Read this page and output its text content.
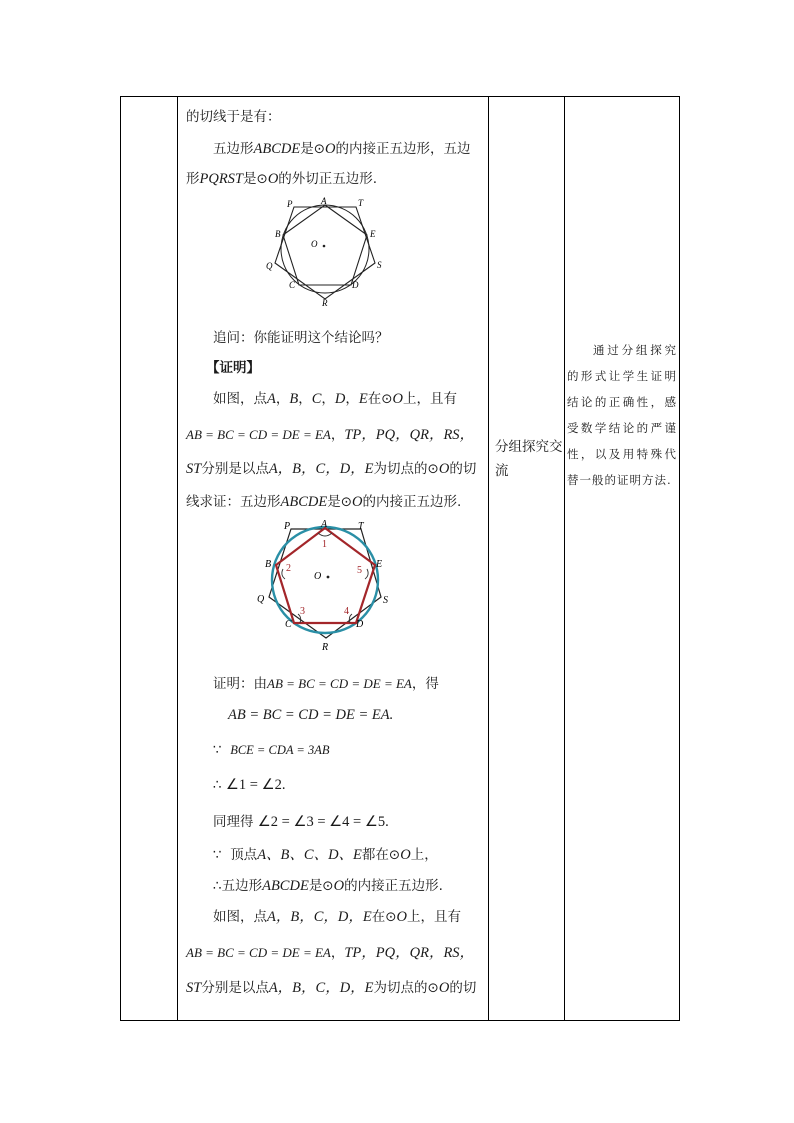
的切线于是有：
五边形ABCDE是⊙O的内接正五边形，五边
形PQRST是⊙O的外切正五边形.
P	A	T
B	E
O
Q	S
C	D
R
追问：你能证明这个结论吗？
【证明】
如图，点A，B，C，D，E在⊙O上，且有
AB = BC = CD = DE = EA，TP，PQ，QR，RS，
ST分别是以点A，B，C，D，E为切点的⊙O的切
线求证：五边形ABCDE是⊙O的内接正五边形.
P	A	T
B	E
O
Q	S
C	D
R
1
2
3	4
5
证明：由AB = BC = CD = DE = EA，得
AB = BC = CD = DE = EA.
∵ BCE = CDA = 3AB
∴ ∠1 = ∠2.
同理得 ∠2 = ∠3 = ∠4 = ∠5.
∵ 顶点A、B、C、D、E都在⊙O上，
∴五边形ABCDE是⊙O的内接正五边形.
如图，点A，B，C，D，E在⊙O上，且有
AB = BC = CD = DE = EA，TP，PQ，QR，RS，
ST分别是以点A，B，C，D，E为切点的⊙O的切
分组探究交流
通过分组探究的形式让学生证明结论的正确性，感受数学结论的严谨性，以及用特殊代替一般的证明方法.
